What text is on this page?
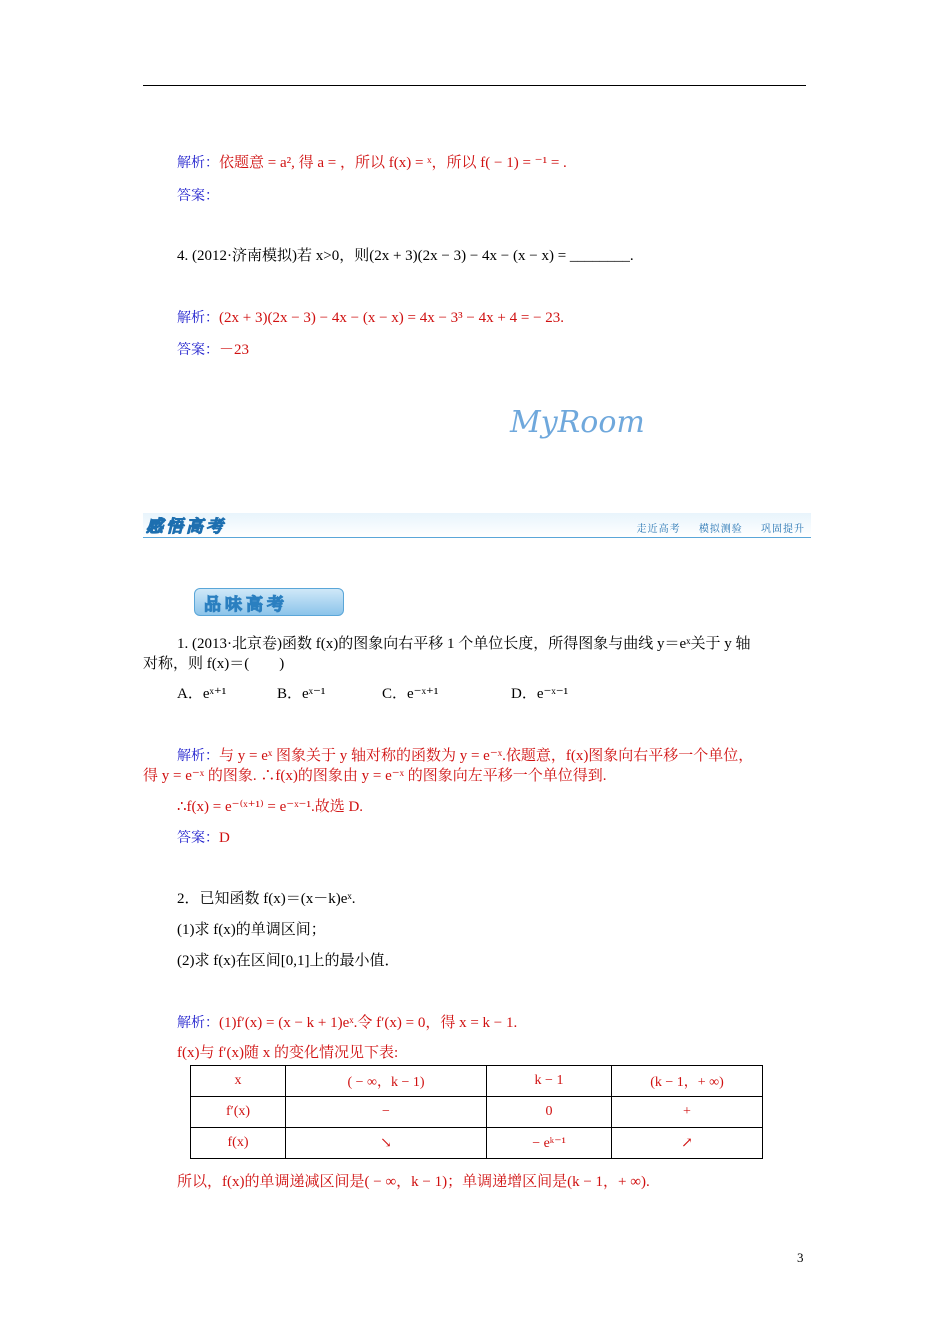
解析：依题意 = a², 得 a = ，所以 f(x) = ˣ，所以 f( − 1) = ⁻¹ = .
答案：
4. (2012·济南模拟)若 x>0，则(2x + 3)(2x − 3) − 4x − (x − x) = ________.
解析：(2x + 3)(2x − 3) − 4x − (x − x) = 4x − 3³ − 4x + 4 = − 23.
答案：－23
MyRoom
感悟高考	走近高考 模拟测验 巩固提升
品味高考
1. (2013·北京卷)函数 f(x)的图象向右平移 1 个单位长度，所得图象与曲线 y＝eˣ关于 y 轴
对称，则 f(x)＝(　　)
A．eˣ⁺¹	B．eˣ⁻¹	C．e⁻ˣ⁺¹	D．e⁻ˣ⁻¹
解析：与 y = eˣ 图象关于 y 轴对称的函数为 y = e⁻ˣ.依题意，f(x)图象向右平移一个单位，
得 y = e⁻ˣ 的图象. ∴f(x)的图象由 y = e⁻ˣ 的图象向左平移一个单位得到.
∴f(x) = e⁻⁽ˣ⁺¹⁾ = e⁻ˣ⁻¹.故选 D.
答案：D
2．已知函数 f(x)＝(x－k)eˣ.
(1)求 f(x)的单调区间；
(2)求 f(x)在区间[0,1]上的最小值．
解析：(1)f′(x) = (x − k + 1)eˣ.令 f′(x) = 0，得 x = k − 1.
f(x)与 f′(x)随 x 的变化情况见下表:
x	( − ∞，k − 1)	k − 1	(k − 1，+ ∞)
f′(x)	−	0	+
f(x)	↘	− eᵏ⁻¹	↗
所以，f(x)的单调递减区间是( − ∞，k − 1)；单调递增区间是(k − 1，+ ∞).
3
